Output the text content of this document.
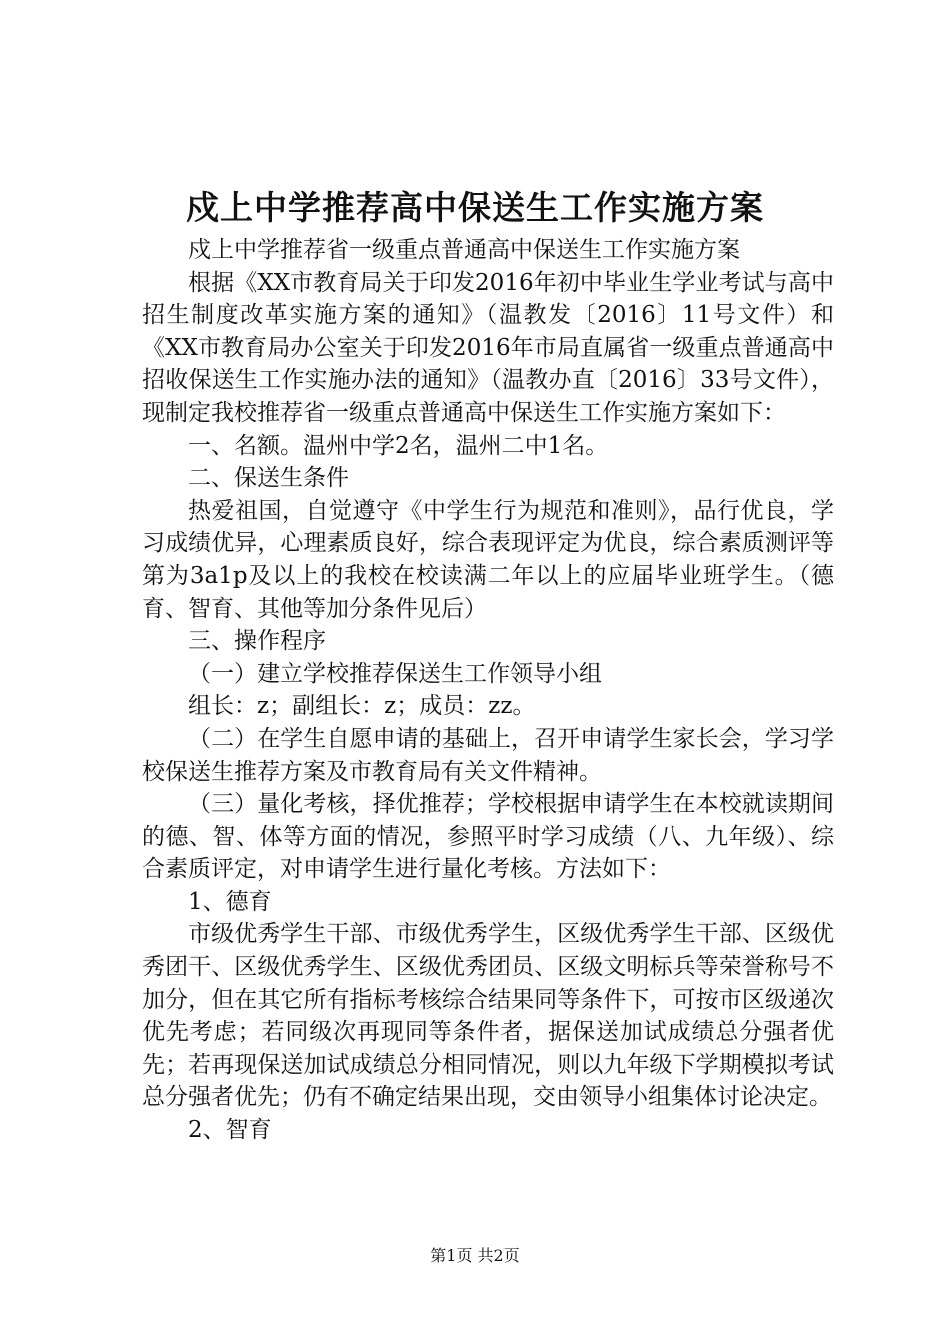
戍上中学推荐高中保送生工作实施方案

戍上中学推荐省一级重点普通高中保送生工作实施方案

根据《XX市教育局关于印发2016年初中毕业生学业考试与高中招生制度改革实施方案的通知》（温教发〔2016〕11号文件）和《XX市教育局办公室关于印发2016年市局直属省一级重点普通高中招收保送生工作实施办法的通知》（温教办直〔2016〕33号文件），现制定我校推荐省一级重点普通高中保送生工作实施方案如下：

一、名额。温州中学2名，温州二中1名。

二、保送生条件

热爱祖国，自觉遵守《中学生行为规范和准则》，品行优良，学习成绩优异，心理素质良好，综合表现评定为优良，综合素质测评等第为3a1p及以上的我校在校读满二年以上的应届毕业班学生。（德育、智育、其他等加分条件见后）

三、操作程序

（一）建立学校推荐保送生工作领导小组

组长：z；副组长：z；成员：zz。

（二）在学生自愿申请的基础上，召开申请学生家长会，学习学校保送生推荐方案及市教育局有关文件精神。

（三）量化考核，择优推荐；学校根据申请学生在本校就读期间的德、智、体等方面的情况，参照平时学习成绩（八、九年级）、综合素质评定，对申请学生进行量化考核。方法如下：

1、德育

市级优秀学生干部、市级优秀学生，区级优秀学生干部、区级优秀团干、区级优秀学生、区级优秀团员、区级文明标兵等荣誉称号不加分，但在其它所有指标考核综合结果同等条件下，可按市区级递次优先考虑；若同级次再现同等条件者，据保送加试成绩总分强者优先；若再现保送加试成绩总分相同情况，则以九年级下学期模拟考试总分强者优先；仍有不确定结果出现，交由领导小组集体讨论决定。

2、智育

第1页 共2页
